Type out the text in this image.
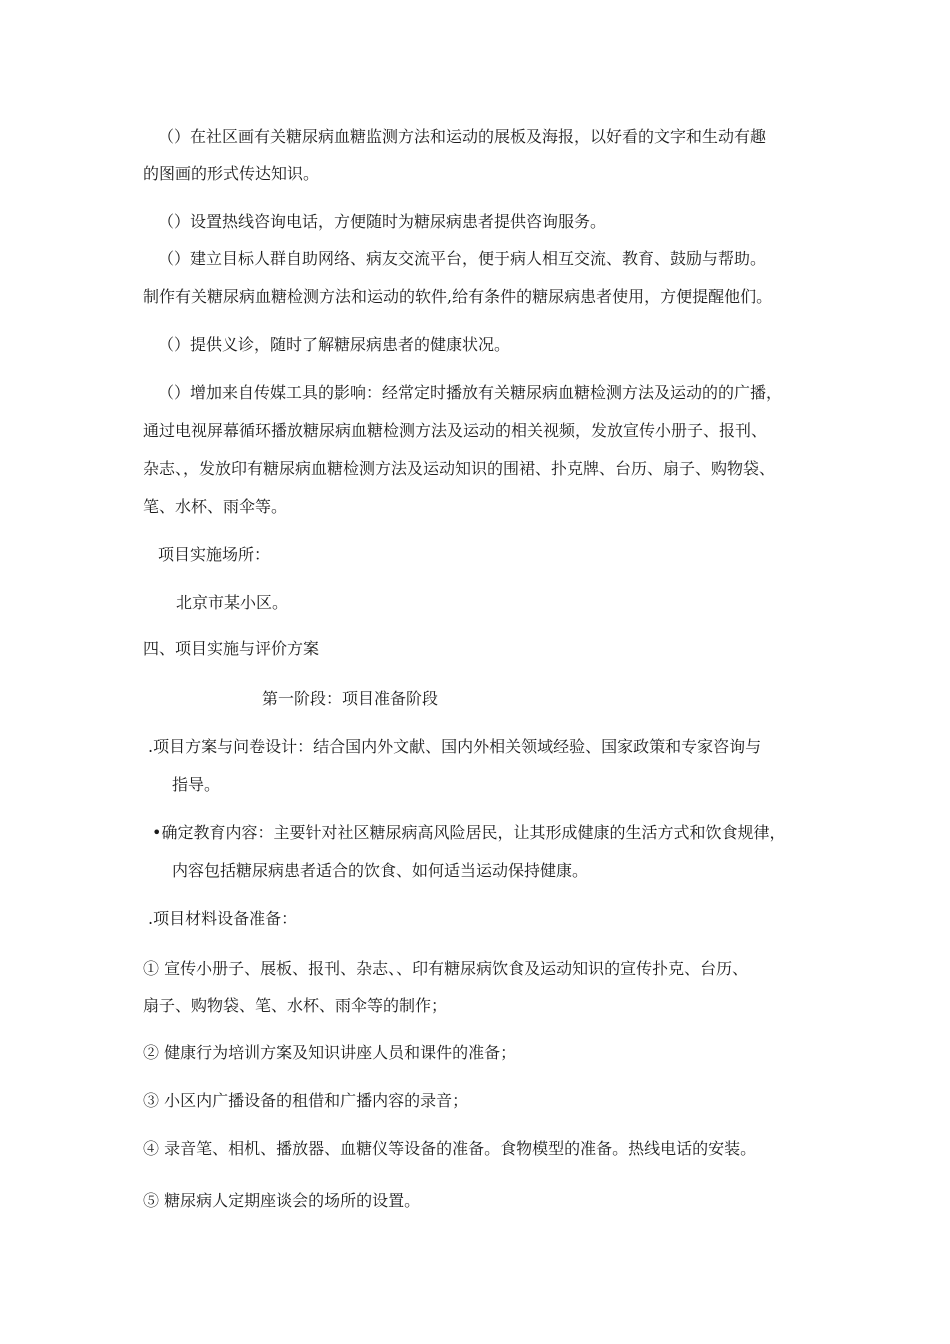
（）在社区画有关糖尿病血糖监测方法和运动的展板及海报，以好看的文字和生动有趣

的图画的形式传达知识。

（）设置热线咨询电话，方便随时为糖尿病患者提供咨询服务。

（）建立目标人群自助网络、病友交流平台，便于病人相互交流、教育、鼓励与帮助。

制作有关糖尿病血糖检测方法和运动的软件,给有条件的糖尿病患者使用，方便提醒他们。

（）提供义诊，随时了解糖尿病患者的健康状况。

（）增加来自传媒工具的影响：经常定时播放有关糖尿病血糖检测方法及运动的的广播，

通过电视屏幕循环播放糖尿病血糖检测方法及运动的相关视频，发放宣传小册子、报刊、

杂志、，发放印有糖尿病血糖检测方法及运动知识的围裙、扑克牌、台历、扇子、购物袋、

笔、水杯、雨伞等。

项目实施场所：

北京市某小区。

四、项目实施与评价方案

第一阶段：项目准备阶段

.项目方案与问卷设计：结合国内外文献、国内外相关领域经验、国家政策和专家咨询与

指导。

•确定教育内容：主要针对社区糖尿病高风险居民，让其形成健康的生活方式和饮食规律，

内容包括糖尿病患者适合的饮食、如何适当运动保持健康。

.项目材料设备准备：

① 宣传小册子、展板、报刊、杂志、、印有糖尿病饮食及运动知识的宣传扑克、台历、

扇子、购物袋、笔、水杯、雨伞等的制作；

② 健康行为培训方案及知识讲座人员和课件的准备；

③ 小区内广播设备的租借和广播内容的录音；

④ 录音笔、相机、播放器、血糖仪等设备的准备。食物模型的准备。热线电话的安装。

⑤ 糖尿病人定期座谈会的场所的设置。
